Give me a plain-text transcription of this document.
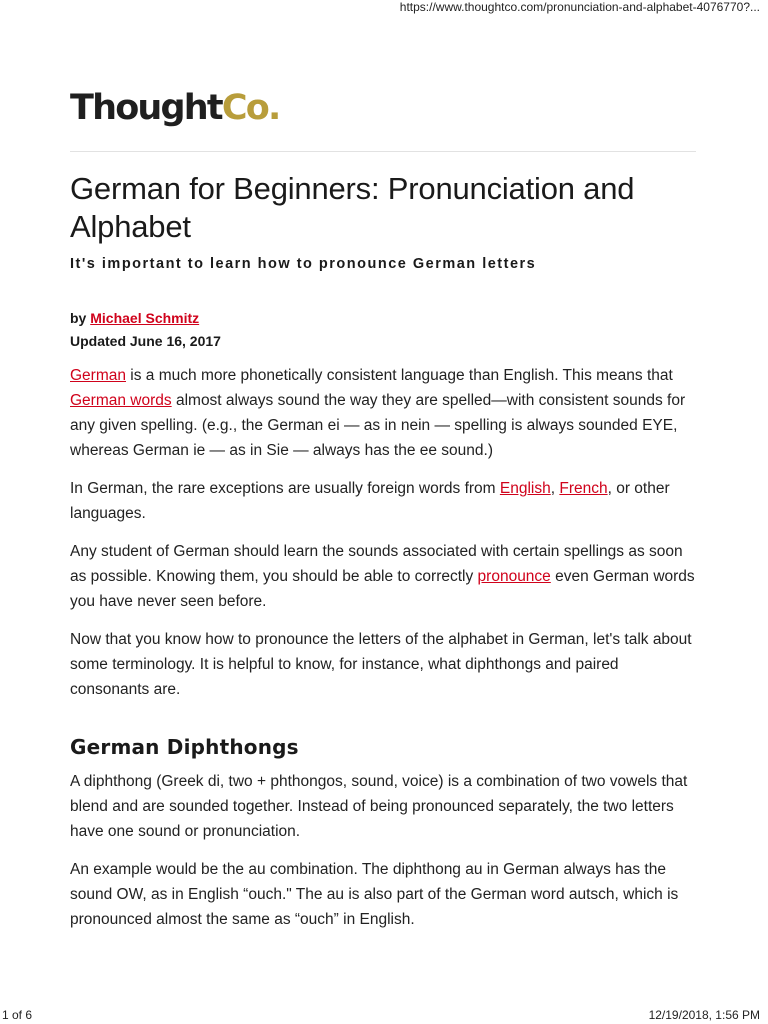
https://www.thoughtco.com/pronunciation-and-alphabet-4076770?...
ThoughtCo.
German for Beginners: Pronunciation and Alphabet
It's important to learn how to pronounce German letters
by Michael Schmitz
Updated June 16, 2017

German is a much more phonetically consistent language than English. This means that German words almost always sound the way they are spelled—with consistent sounds for any given spelling. (e.g., the German ei — as in nein — spelling is always sounded EYE, whereas German ie — as in Sie — always has the ee sound.)

In German, the rare exceptions are usually foreign words from English, French, or other languages.

Any student of German should learn the sounds associated with certain spellings as soon as possible. Knowing them, you should be able to correctly pronounce even German words you have never seen before.

Now that you know how to pronounce the letters of the alphabet in German, let's talk about some terminology. It is helpful to know, for instance, what diphthongs and paired consonants are.

German Diphthongs

A diphthong (Greek di, two + phthongos, sound, voice) is a combination of two vowels that blend and are sounded together. Instead of being pronounced separately, the two letters have one sound or pronunciation.

An example would be the au combination. The diphthong au in German always has the sound OW, as in English “ouch." The au is also part of the German word autsch, which is pronounced almost the same as “ouch” in English.

1 of 6	12/19/2018, 1:56 PM
